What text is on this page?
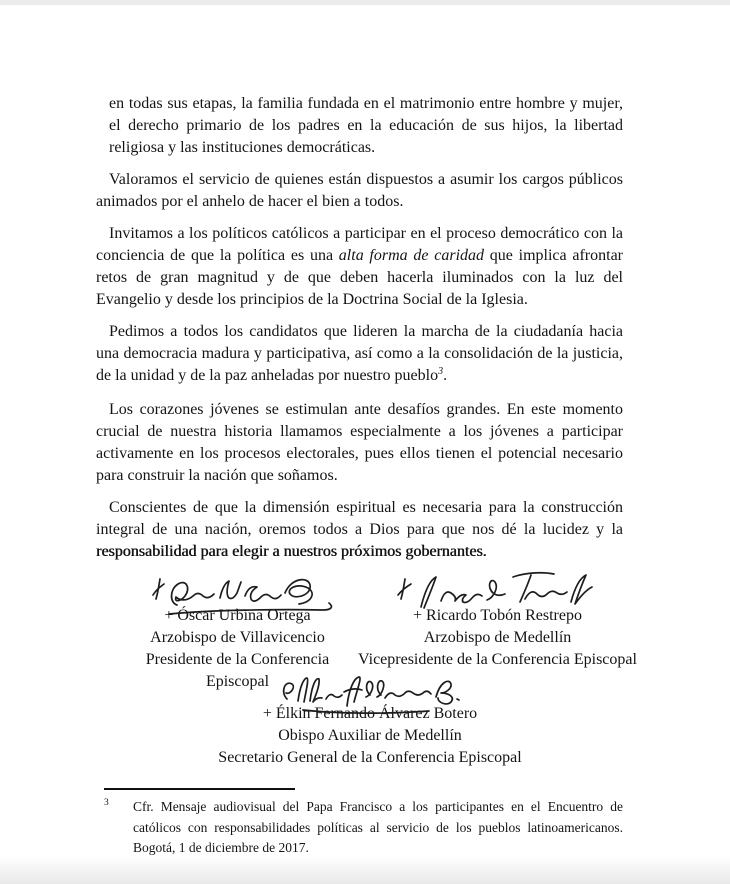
en todas sus etapas, la familia fundada en el matrimonio entre hombre y mujer, el derecho primario de los padres en la educación de sus hijos, la libertad religiosa y las instituciones democráticas.

Valoramos el servicio de quienes están dispuestos a asumir los cargos públicos animados por el anhelo de hacer el bien a todos.

Invitamos a los políticos católicos a participar en el proceso democrático con la conciencia de que la política es una alta forma de caridad que implica afrontar retos de gran magnitud y de que deben hacerla iluminados con la luz del Evangelio y desde los principios de la Doctrina Social de la Iglesia.

Pedimos a todos los candidatos que lideren la marcha de la ciudadanía hacia una democracia madura y participativa, así como a la consolidación de la justicia, de la unidad y de la paz anheladas por nuestro pueblo$^3$.

Los corazones jóvenes se estimulan ante desafíos grandes. En este momento crucial de nuestra historia llamamos especialmente a los jóvenes a participar activamente en los procesos electorales, pues ellos tienen el potencial necesario para construir la nación que soñamos.

Conscientes de que la dimensión espiritual es necesaria para la construcción integral de una nación, oremos todos a Dios para que nos dé la lucidez y la responsabilidad para elegir a nuestros próximos gobernantes.

+ Óscar Urbina Ortega
Arzobispo de Villavicencio
Presidente de la Conferencia Episcopal
+ Ricardo Tobón Restrepo
Arzobispo de Medellín
Vicepresidente de la Conferencia Episcopal
+ Élkin Fernando Álvarez Botero
Obispo Auxiliar de Medellín
Secretario General de la Conferencia Episcopal
3	Cfr. Mensaje audiovisual del Papa Francisco a los participantes en el Encuentro de católicos con responsabilidades políticas al servicio de los pueblos latinoamericanos. Bogotá, 1 de diciembre de 2017.
